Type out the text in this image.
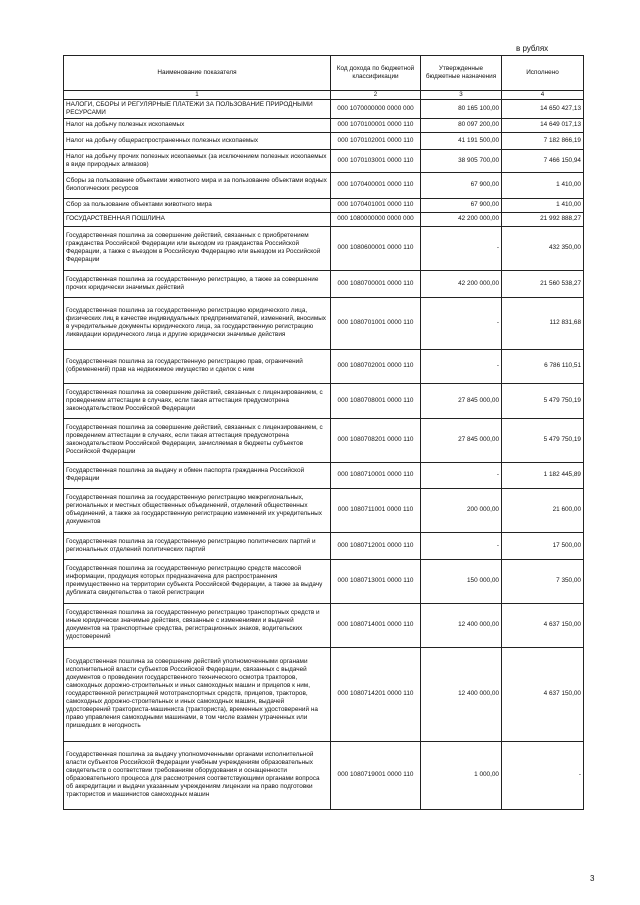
в рублях
Наименование показателя	Код дохода по бюджетной классификации	Утвержденные бюджетные назначения	Исполнено
1	2	3	4
НАЛОГИ, СБОРЫ И РЕГУЛЯРНЫЕ ПЛАТЕЖИ ЗА ПОЛЬЗОВАНИЕ ПРИРОДНЫМИ РЕСУРСАМИ	000 1070000000 0000 000	80 165 100,00	14 650 427,13
Налог на добычу полезных ископаемых	000 1070100001 0000 110	80 097 200,00	14 649 017,13
Налог на добычу общераспространенных полезных ископаемых	000 1070102001 0000 110	41 191 500,00	7 182 866,19
Налог на добычу прочих полезных ископаемых (за исключением полезных ископаемых в виде природных алмазов)	000 1070103001 0000 110	38 905 700,00	7 466 150,94
Сборы за пользование объектами животного мира и за пользование объектами водных биологических ресурсов	000 1070400001 0000 110	67 900,00	1 410,00
Сбор за пользование объектами животного мира	000 1070401001 0000 110	67 900,00	1 410,00
ГОСУДАРСТВЕННАЯ ПОШЛИНА	000 1080000000 0000 000	42 200 000,00	21 992 888,27
Государственная пошлина за совершение действий, связанных с приобретением гражданства Российской Федерации или выходом из гражданства Российской Федерации, а также с въездом в Российскую Федерацию или выездом из Российской Федерации	000 1080600001 0000 110	-	432 350,00
Государственная пошлина за государственную регистрацию, а также за совершение прочих юридически значимых действий	000 1080700001 0000 110	42 200 000,00	21 560 538,27
Государственная пошлина за государственную регистрацию юридического лица, физических лиц в качестве индивидуальных предпринимателей, изменений, вносимых в учредительные документы юридического лица, за государственную регистрацию ликвидации юридического лица и другие юридически значимые действия	000 1080701001 0000 110	-	112 831,68
Государственная пошлина за государственную регистрацию прав, ограничений (обременений) прав на недвижимое имущество и сделок с ним	000 1080702001 0000 110	-	6 786 110,51
Государственная пошлина за совершение действий, связанных с лицензированием, с проведением аттестации в случаях, если такая аттестация предусмотрена законодательством Российской Федерации	000 1080708001 0000 110	27 845 000,00	5 479 750,19
Государственная пошлина за совершение действий, связанных с лицензированием, с проведением аттестации в случаях, если такая аттестация предусмотрена законодательством Российской Федерации, зачисляемая в бюджеты субъектов Российской Федерации	000 1080708201 0000 110	27 845 000,00	5 479 750,19
Государственная пошлина за выдачу и обмен паспорта гражданина Российской Федерации	000 1080710001 0000 110	-	1 182 445,89
Государственная пошлина за государственную регистрацию межрегиональных, региональных и местных общественных объединений, отделений общественных объединений, а также за государственную регистрацию изменений их учредительных документов	000 1080711001 0000 110	200 000,00	21 600,00
Государственная пошлина за государственную регистрацию политических партий и региональных отделений политических партий	000 1080712001 0000 110	-	17 500,00
Государственная пошлина за государственную регистрацию средств массовой информации, продукция которых предназначена для распространения преимущественно на территории субъекта Российской Федерации, а также за выдачу дубликата свидетельства о такой регистрации	000 1080713001 0000 110	150 000,00	7 350,00
Государственная пошлина за государственную регистрацию транспортных средств и иные юридически значимые действия, связанные с изменениями и выдачей документов на транспортные средства, регистрационных знаков, водительских удостоверений	000 1080714001 0000 110	12 400 000,00	4 637 150,00
Государственная пошлина за совершение действий уполномоченными органами исполнительной власти субъектов Российской Федерации, связанных с выдачей документов о проведении государственного технического осмотра тракторов, самоходных дорожно-строительных и иных самоходных машин и прицепов к ним, государственной регистрацией мототранспортных средств, прицепов, тракторов, самоходных дорожно-строительных и иных самоходных машин, выдачей удостоверений тракториста-машиниста (тракториста), временных удостоверений на право управления самоходными машинами, в том числе взамен утраченных или пришедших в негодность	000 1080714201 0000 110	12 400 000,00	4 637 150,00
Государственная пошлина за выдачу уполномоченными органами исполнительной власти субъектов Российской Федерации учебным учреждениям образовательных свидетельств о соответствии требованиям оборудования и оснащенности образовательного процесса для рассмотрения соответствующими органами вопроса об аккредитации и выдачи указанным учреждениям лицензии на право подготовки трактористов и машинистов самоходных машин	000 1080719001 0000 110	1 000,00	-
3
